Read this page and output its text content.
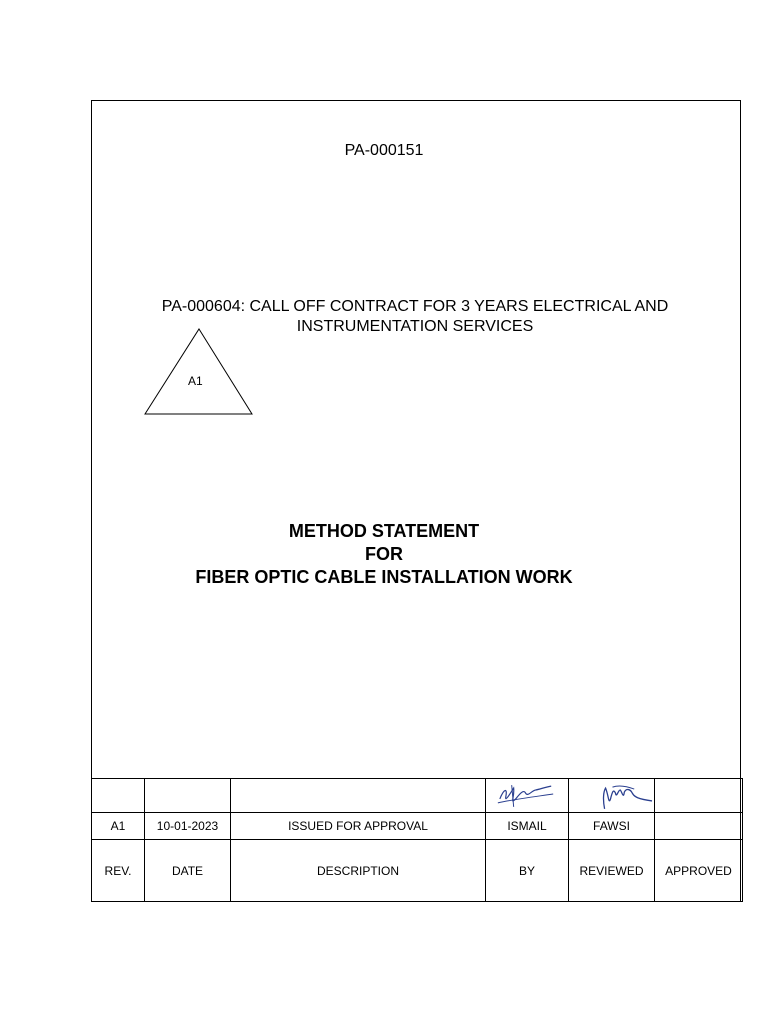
PA-000151
PA-000604: CALL OFF CONTRACT FOR 3 YEARS ELECTRICAL AND
INSTRUMENTATION SERVICES
A1
METHOD STATEMENT
FOR
FIBER OPTIC CABLE INSTALLATION WORK

A1	10-01-2023	ISSUED FOR APPROVAL	ISMAIL	FAWSI	
REV.	DATE	DESCRIPTION	BY	REVIEWED	APPROVED
